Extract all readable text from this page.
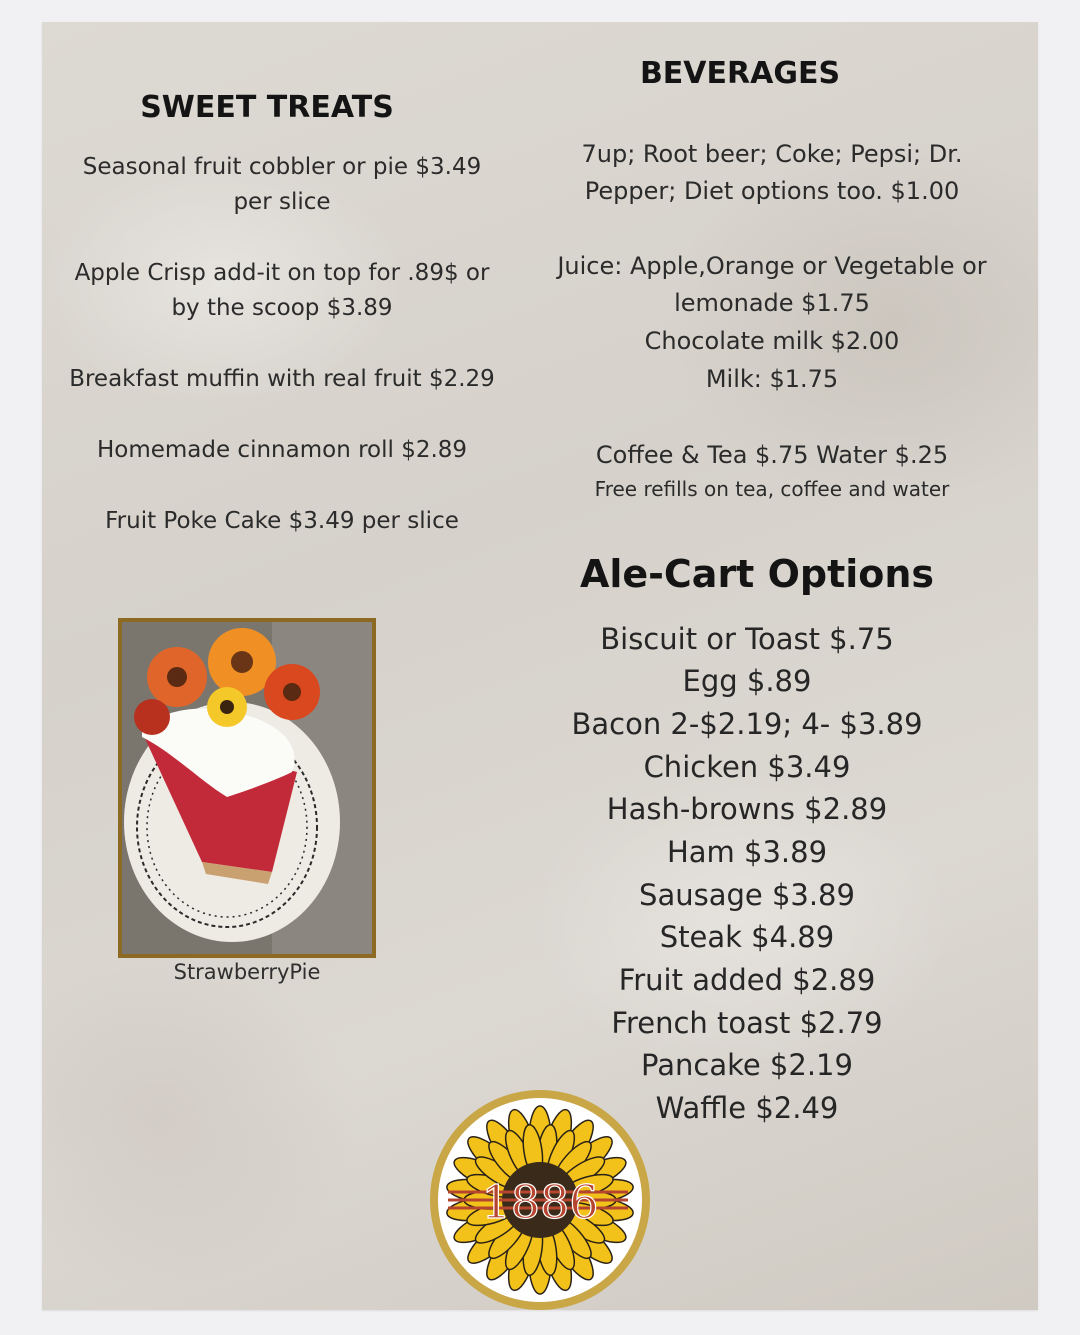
SWEET TREATS
Seasonal fruit cobbler or pie $3.49
per slice
Apple Crisp add-it on top for .89$ or
by the scoop $3.89
Breakfast muffin with real fruit $2.29
Homemade cinnamon roll $2.89
Fruit Poke Cake $3.49 per slice
StrawberryPie
BEVERAGES
7up; Root beer; Coke; Pepsi; Dr.
Pepper; Diet options too. $1.00
Juice: Apple,Orange or Vegetable or
lemonade $1.75
Chocolate milk $2.00
Milk: $1.75
Coffee & Tea $.75 Water $.25
Free refills on tea, coffee and water
Ale-Cart Options
Biscuit or Toast $.75
Egg $.89
Bacon 2-$2.19; 4- $3.89
Chicken $3.49
Hash-browns $2.89
Ham $3.89
Sausage $3.89
Steak $4.89
Fruit added $2.89
French toast $2.79
Pancake $2.19
Waffle $2.49
1886
